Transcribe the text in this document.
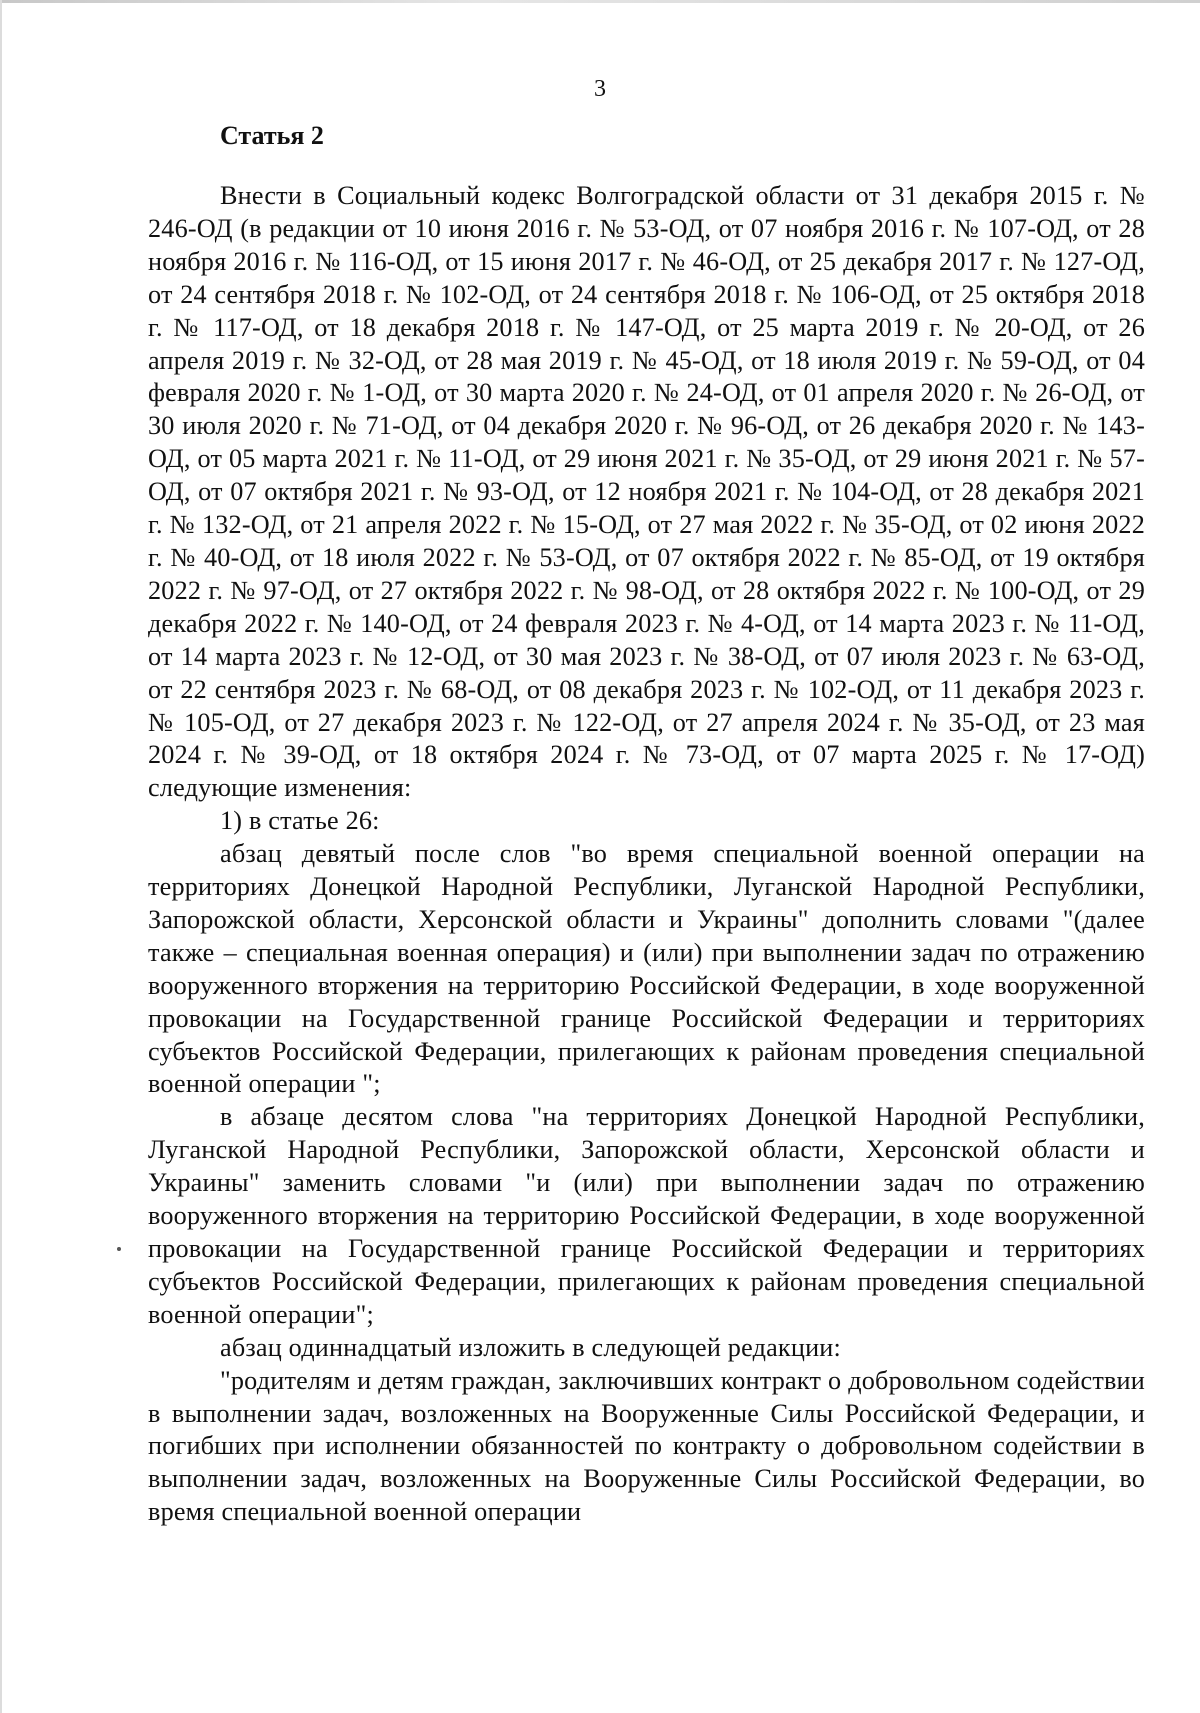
3
Статья 2

Внести в Социальный кодекс Волгоградской области от 31 декабря 2015 г. № 246-ОД (в редакции от 10 июня 2016 г. № 53-ОД, от 07 ноября 2016 г. № 107-ОД, от 28 ноября 2016 г. № 116-ОД, от 15 июня 2017 г. № 46-ОД, от 25 декабря 2017 г. № 127-ОД, от 24 сентября 2018 г. № 102-ОД, от 24 сентября 2018 г. № 106-ОД, от 25 октября 2018 г. № 117-ОД, от 18 декабря 2018 г. № 147-ОД, от 25 марта 2019 г. № 20-ОД, от 26 апреля 2019 г. № 32-ОД, от 28 мая 2019 г. № 45-ОД, от 18 июля 2019 г. № 59-ОД, от 04 февраля 2020 г. № 1-ОД, от 30 марта 2020 г. № 24-ОД, от 01 апреля 2020 г. № 26-ОД, от 30 июля 2020 г. № 71-ОД, от 04 декабря 2020 г. № 96-ОД, от 26 декабря 2020 г. № 143-ОД, от 05 марта 2021 г. № 11-ОД, от 29 июня 2021 г. № 35-ОД, от 29 июня 2021 г. № 57-ОД, от 07 октября 2021 г. № 93-ОД, от 12 ноября 2021 г. № 104-ОД, от 28 декабря 2021 г. № 132-ОД, от 21 апреля 2022 г. № 15-ОД, от 27 мая 2022 г. № 35-ОД, от 02 июня 2022 г. № 40-ОД, от 18 июля 2022 г. № 53-ОД, от 07 октября 2022 г. № 85-ОД, от 19 октября 2022 г. № 97-ОД, от 27 октября 2022 г. № 98-ОД, от 28 октября 2022 г. № 100-ОД, от 29 декабря 2022 г. № 140-ОД, от 24 февраля 2023 г. № 4-ОД, от 14 марта 2023 г. № 11-ОД, от 14 марта 2023 г. № 12-ОД, от 30 мая 2023 г. № 38-ОД, от 07 июля 2023 г. № 63-ОД, от 22 сентября 2023 г. № 68-ОД, от 08 декабря 2023 г. № 102-ОД, от 11 декабря 2023 г. № 105-ОД, от 27 декабря 2023 г. № 122-ОД, от 27 апреля 2024 г. № 35-ОД, от 23 мая 2024 г. № 39-ОД, от 18 октября 2024 г. № 73-ОД, от 07 марта 2025 г. № 17-ОД) следующие изменения:

1) в статье 26:

абзац девятый после слов "во время специальной военной операции на территориях Донецкой Народной Республики, Луганской Народной Республики, Запорожской области, Херсонской области и Украины" дополнить словами "(далее также – специальная военная операция) и (или) при выполнении задач по отражению вооруженного вторжения на территорию Российской Федерации, в ходе вооруженной провокации на Государственной границе Российской Федерации и территориях субъектов Российской Федерации, прилегающих к районам проведения специальной военной операции ";

в абзаце десятом слова "на территориях Донецкой Народной Республики, Луганской Народной Республики, Запорожской области, Херсонской области и Украины" заменить словами "и (или) при выполнении задач по отражению вооруженного вторжения на территорию Российской Федерации, в ходе вооруженной провокации на Государственной границе Российской Федерации и территориях субъектов Российской Федерации, прилегающих к районам проведения специальной военной операции";

абзац одиннадцатый изложить в следующей редакции:

"родителям и детям граждан, заключивших контракт о добровольном содействии в выполнении задач, возложенных на Вооруженные Силы Российской Федерации, и погибших при исполнении обязанностей по контракту о добровольном содействии в выполнении задач, возложенных на Вооруженные Силы Российской Федерации, во время специальной военной операции
